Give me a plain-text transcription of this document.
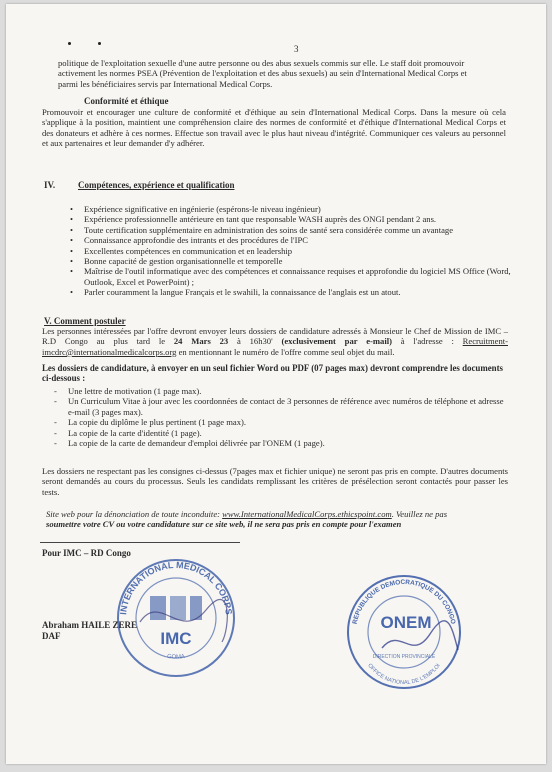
3
politique de l'exploitation sexuelle d'une autre personne ou des abus sexuels commis sur elle. Le staff doit promouvoir
activement les normes PSEA (Prévention de l'exploitation et des abus sexuels) au sein d'International Medical Corps et
parmi les bénéficiaires servis par International Medical Corps.
Conformité et éthique
Promouvoir et encourager une culture de conformité et d'éthique au sein d'International Medical Corps. Dans la mesure où cela s'applique à la position, maintient une compréhension claire des normes de conformité et d'éthique d'International Medical Corps et des donateurs et adhère à ces normes. Effectue son travail avec le plus haut niveau d'intégrité. Communiquer ces valeurs au personnel et aux partenaires et leur demander d'y adhérer.
IV.	Compétences, expérience et qualification
• Expérience significative en ingénierie (espérons-le niveau ingénieur)
• Expérience professionnelle antérieure en tant que responsable WASH auprès des ONGI pendant 2 ans.
• Toute certification supplémentaire en administration des soins de santé sera considérée comme un avantage
• Connaissance approfondie des intrants et des procédures de l'IPC
• Excellentes compétences en communication et en leadership
• Bonne capacité de gestion organisationnelle et temporelle
• Maîtrise de l'outil informatique avec des compétences et connaissance requises et approfondie du logiciel MS Office (Word, Outlook, Excel et PowerPoint) ;
• Parler couramment la langue Français et le swahili, la connaissance de l'anglais est un atout.
V. Comment postuler
Les personnes intéressées par l'offre devront envoyer leurs dossiers de candidature adressés à Monsieur le Chef de Mission de IMC – R.D Congo au plus tard le 24 Mars 23 à 16h30' (exclusivement par e-mail) à l'adresse : Recruitment-imcdrc@internationalmedicalcorps.org en mentionnant le numéro de l'offre comme seul objet du mail.
Les dossiers de candidature, à envoyer en un seul fichier Word ou PDF (07 pages max) devront comprendre les documents ci-dessous :
- Une lettre de motivation (1 page max).
- Un Curriculum Vitae à jour avec les coordonnées de contact de 3 personnes de référence avec numéros de téléphone et adresse e-mail (3 pages max).
- La copie du diplôme le plus pertinent (1 page max).
- La copie de la carte d'identité (1 page).
- La copie de la carte de demandeur d'emploi délivrée par l'ONEM (1 page).
Les dossiers ne respectant pas les consignes ci-dessus (7pages max et fichier unique) ne seront pas pris en compte. D'autres documents seront demandés au cours du processus. Seuls les candidats remplissant les critères de présélection seront contactés pour passer les tests.
Site web pour la dénonciation de toute inconduite: www.InternationalMedicalCorps.ethicspoint.com. Veuillez ne pas
soumettre votre CV ou votre candidature sur ce site web, il ne sera pas pris en compte pour l'examen
Pour IMC – RD Congo
INTERNATIONAL MEDICAL CORPS
IMC
GOMA
Abraham HAILE ZERE
DAF
REPUBLIQUE DEMOCRATIQUE DU CONGO
ONEM
OFFICE NATIONAL DE L'EMPLOI
DIRECTION PROVINCIALE
